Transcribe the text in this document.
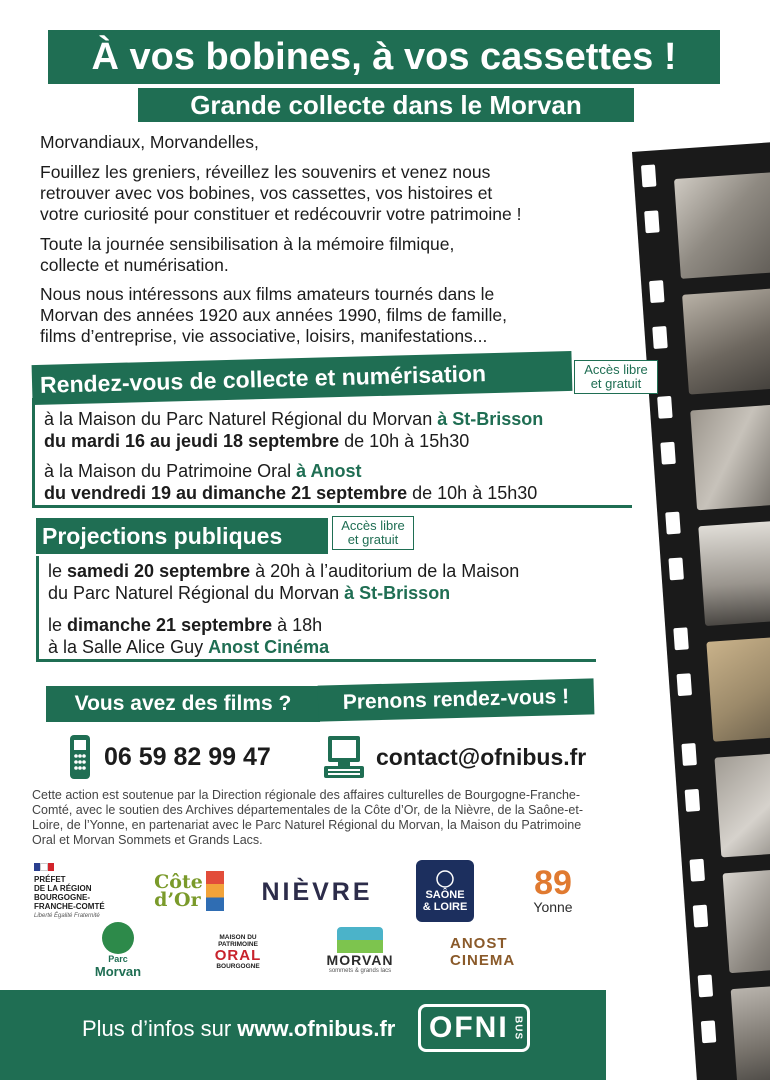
À vos bobines, à vos cassettes !
Grande collecte dans le Morvan

Morvandiaux, Morvandelles,

Fouillez les greniers, réveillez les souvenirs et venez nous
retrouver avec vos bobines, vos cassettes, vos histoires et
votre curiosité pour constituer et redécouvrir votre patrimoine !

Toute la journée sensibilisation à la mémoire filmique,
collecte et numérisation.

Nous nous intéressons aux films amateurs tournés dans le
Morvan des années 1920 aux années 1990, films de famille,
films d’entreprise, vie associative, loisirs, manifestations...

Rendez-vous de collecte et numérisation	Accès libre
et gratuit
à la Maison du Parc Naturel Régional du Morvan à St-Brisson
du mardi 16 au jeudi 18 septembre de 10h à 15h30
à la Maison du Patrimoine Oral à Anost
du vendredi 19 au dimanche 21 septembre de 10h à 15h30
Projections publiques	Accès libre
et gratuit
le samedi 20 septembre à 20h à l’auditorium de la Maison
du Parc Naturel Régional du Morvan à St-Brisson
le dimanche 21 septembre à 18h
à la Salle Alice Guy Anost Cinéma
Vous avez des films ?	Prenons rendez-vous !
06 59 82 99 47	contact@ofnibus.fr
Cette action est soutenue par la Direction régionale des affaires culturelles de Bourgogne-Franche-Comté, avec le soutien des Archives départementales de la Côte d’Or, de la Nièvre, de la Saône-et-Loire, de l’Yonne, en partenariat avec le Parc Naturel Régional du Morvan, la Maison du Patrimoine Oral et Morvan Sommets et Grands Lacs.
PRÉFET
DE LA RÉGION
BOURGOGNE-
FRANCHE-COMTÉ
Liberté Égalité Fraternité
Côte
d’Or NIÈVRE	SAÔNE
& LOIRE
89
Yonne
Parc
Morvan
MAISON DU
PATRIMOINE
ORAL
BOURGOGNE	MORVAN
sommets & grands lacs
ANOST CINEMA
Plus d’infos sur www.ofnibus.fr OFNI BUS
